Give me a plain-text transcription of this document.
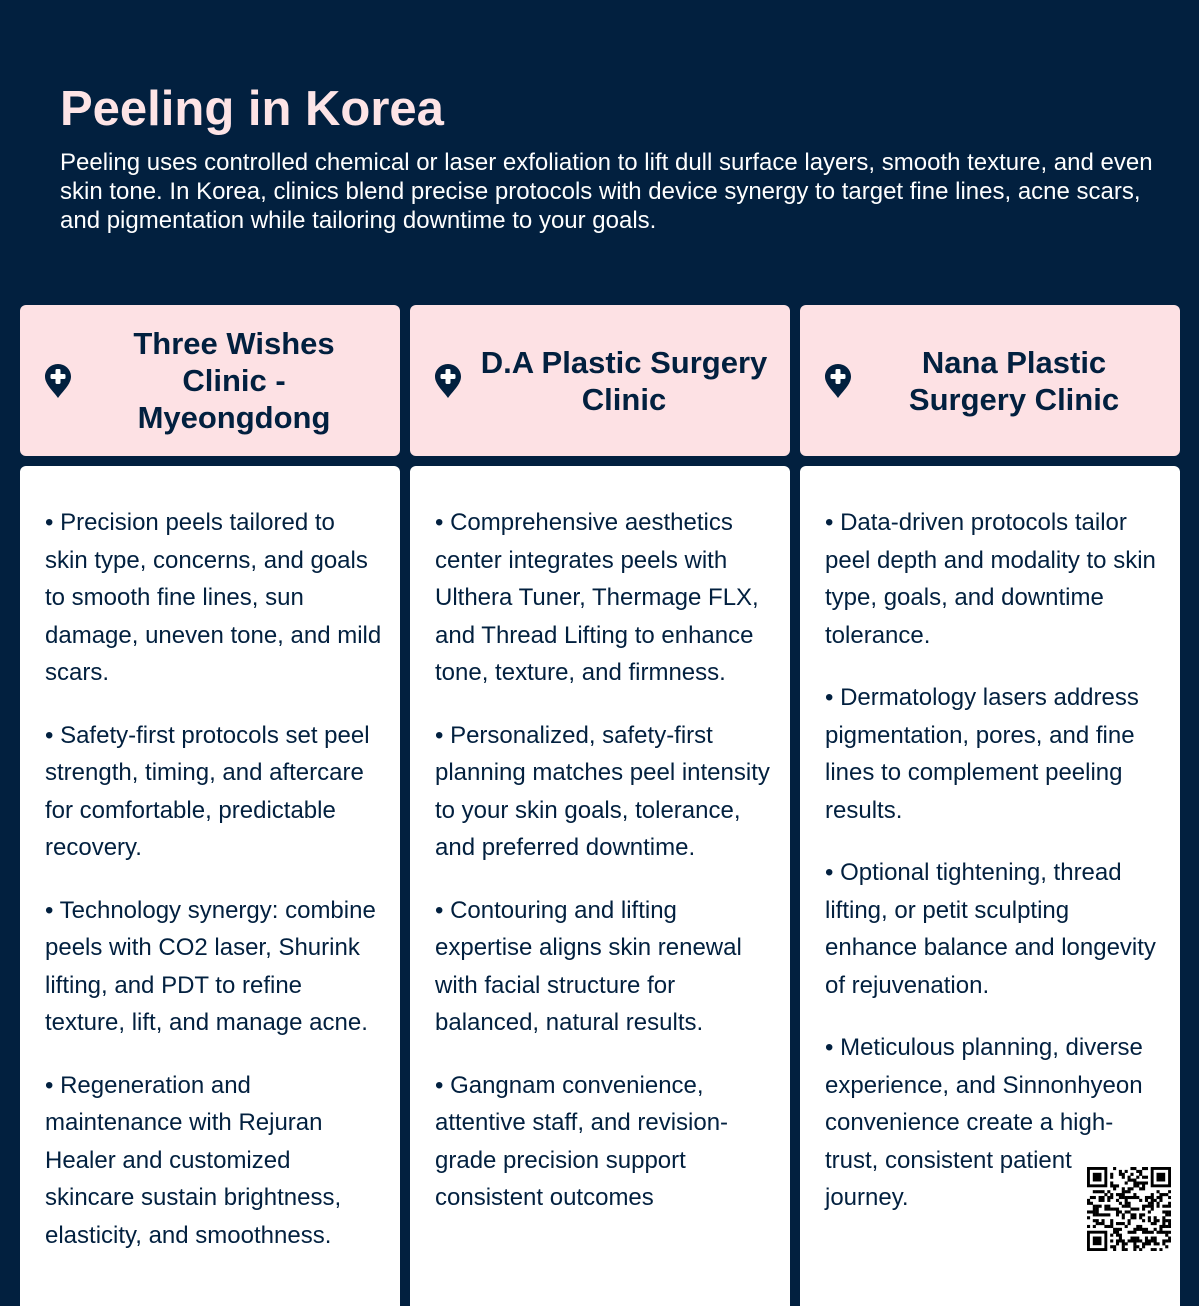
Peeling in Korea

Peeling uses controlled chemical or laser exfoliation to lift dull surface layers, smooth texture, and even skin tone. In Korea, clinics blend precise protocols with device synergy to target fine lines, acne scars, and pigmentation while tailoring downtime to your goals.

Three Wishes Clinic - Myeongdong

• Precision peels tailored to skin type, concerns, and goals to smooth fine lines, sun damage, uneven tone, and mild scars.

• Safety-first protocols set peel strength, timing, and aftercare for comfortable, predictable recovery.

• Technology synergy: combine peels with CO2 laser, Shurink lifting, and PDT to refine texture, lift, and manage acne.

• Regeneration and maintenance with Rejuran Healer and customized skincare sustain brightness, elasticity, and smoothness.

D.A Plastic Surgery Clinic

• Comprehensive aesthetics center integrates peels with Ulthera Tuner, Thermage FLX, and Thread Lifting to enhance tone, texture, and firmness.

• Personalized, safety-first planning matches peel intensity to your skin goals, tolerance, and preferred downtime.

• Contouring and lifting expertise aligns skin renewal with facial structure for balanced, natural results.

• Gangnam convenience, attentive staff, and revision-grade precision support consistent outcomes

Nana Plastic Surgery Clinic

• Data-driven protocols tailor peel depth and modality to skin type, goals, and downtime tolerance.

• Dermatology lasers address pigmentation, pores, and fine lines to complement peeling results.

• Optional tightening, thread lifting, or petit sculpting enhance balance and longevity of rejuvenation.

• Meticulous planning, diverse experience, and Sinnonhyeon convenience create a high-trust, consistent patient journey.
